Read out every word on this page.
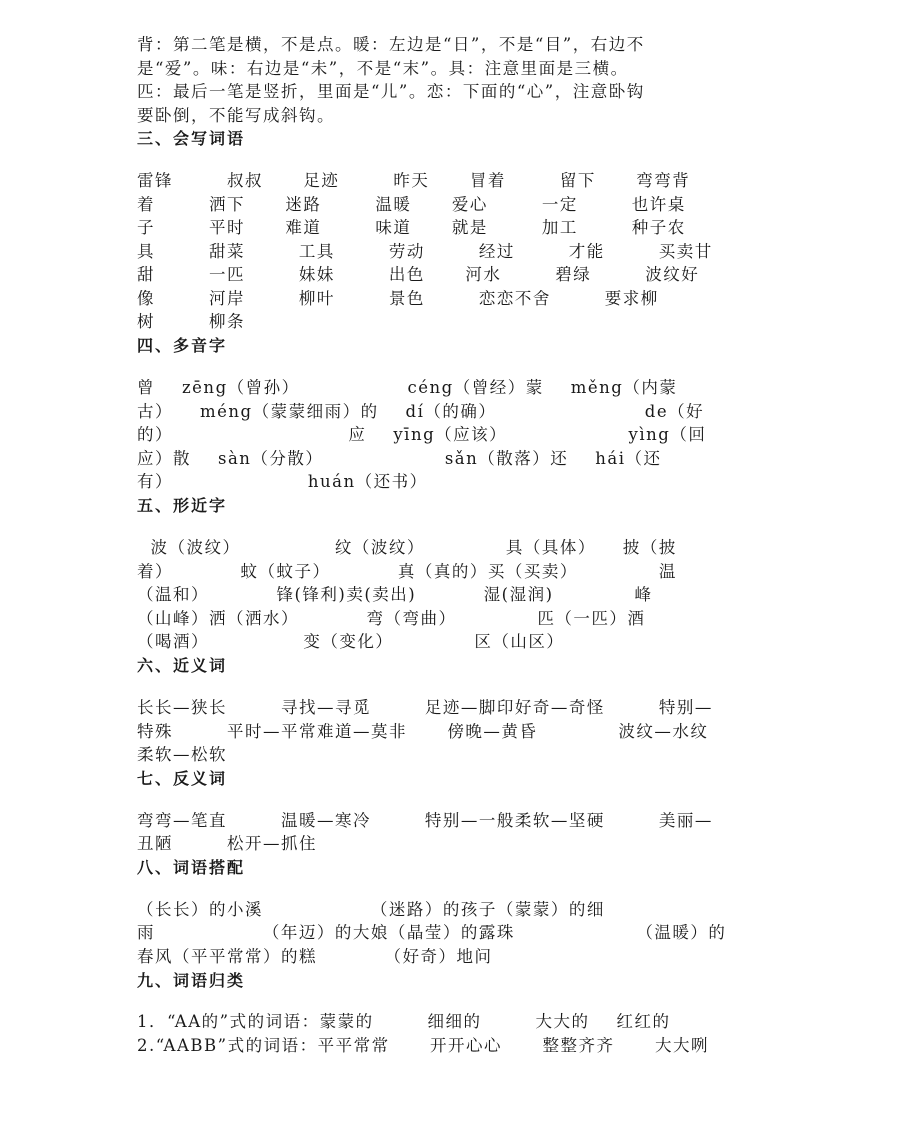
背：第二笔是横，不是点。暖：左边是“日”，不是“目”，右边不
是“爱”。味：右边是“未”，不是“末”。具：注意里面是三横。
匹：最后一笔是竖折，里面是“儿”。恋：下面的“心”，注意卧钩
要卧倒，不能写成斜钩。
三、会写词语
雷锋        叔叔      足迹        昨天      冒着        留下      弯弯背
着        洒下      迷路        温暖      爱心        一定        也许桌
子        平时      难道        味道      就是        加工        种子农
具        甜菜        工具        劳动        经过        才能        买卖甘
甜        一匹        妹妹        出色      河水        碧绿        波纹好
像        河岸        柳叶        景色        恋恋不舍        要求柳
树        柳条
四、多音字
曾    zēng（曾孙）                céng（曾经）蒙    měng（内蒙
古）    méng（蒙蒙细雨）的    dí（的确）                      de（好
的）                          应    yīng（应该）                  yìng（回
应）散    sàn（分散）                  sǎn（散落）还    hái（还
有）                    huán（还书）
五、形近字
波（波纹）              纹（波纹）            具（具体）    披（披
着）          蚊（蚊子）          真（真的）买（买卖）            温
（温和）          锋(锋利)卖(卖出)          湿(湿润)            峰
（山峰）洒（洒水）          弯（弯曲）            匹（一匹）酒
（喝酒）              变（变化）            区（山区）
六、近义词
长长—狭长        寻找—寻觅        足迹—脚印好奇—奇怪        特别—
特殊        平时—平常难道—莫非      傍晚—黄昏            波纹—水纹
柔软—松软
七、反义词
弯弯—笔直        温暖—寒冷        特别—一般柔软—坚硬        美丽—
丑陋        松开—抓住
八、词语搭配
（长长）的小溪                （迷路）的孩子（蒙蒙）的细
雨                （年迈）的大娘（晶莹）的露珠                  （温暖）的
春风（平平常常）的糕          （好奇）地问
九、词语归类
1．“AA的”式的词语：蒙蒙的        细细的        大大的    红红的
2.“AABB”式的词语：平平常常      开开心心      整整齐齐      大大咧
